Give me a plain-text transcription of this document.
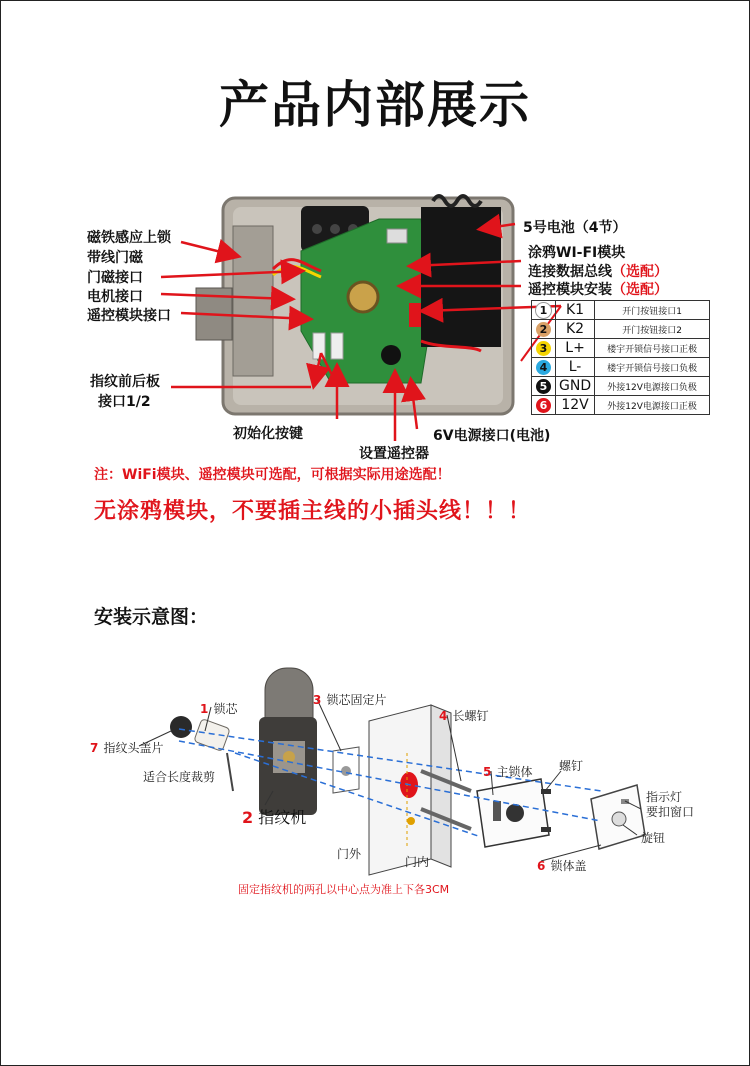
产品内部展示
磁铁感应上锁
带线门磁
门磁接口
电机接口
遥控模块接口
指纹前后板
接口1/2
初始化按键
设置遥控器
6V电源接口(电池)
5号电池（4节）
涂鸦WI-FI模块
连接数据总线（选配）
遥控模块安装（选配）
1	K1	开门按钮接口1
2	K2	开门按钮接口2
3	L+	楼宇开锁信号接口正极
4	L-	楼宇开锁信号接口负极
5	GND	外接12V电源接口负极
6	12V	外接12V电源接口正极
注：WiFi模块、遥控模块可选配，可根据实际用途选配！
无涂鸦模块，不要插主线的小插头线！！！
安装示意图：
1 锁芯
3 锁芯固定片
4 长螺钉
7 指纹头盖片
适合长度裁剪	5 主锁体 螺钉
指示灯
要扣窗口
旋钮
2 指纹机
门外
门内	6 锁体盖
固定指纹机的两孔以中心点为准上下各3CM
